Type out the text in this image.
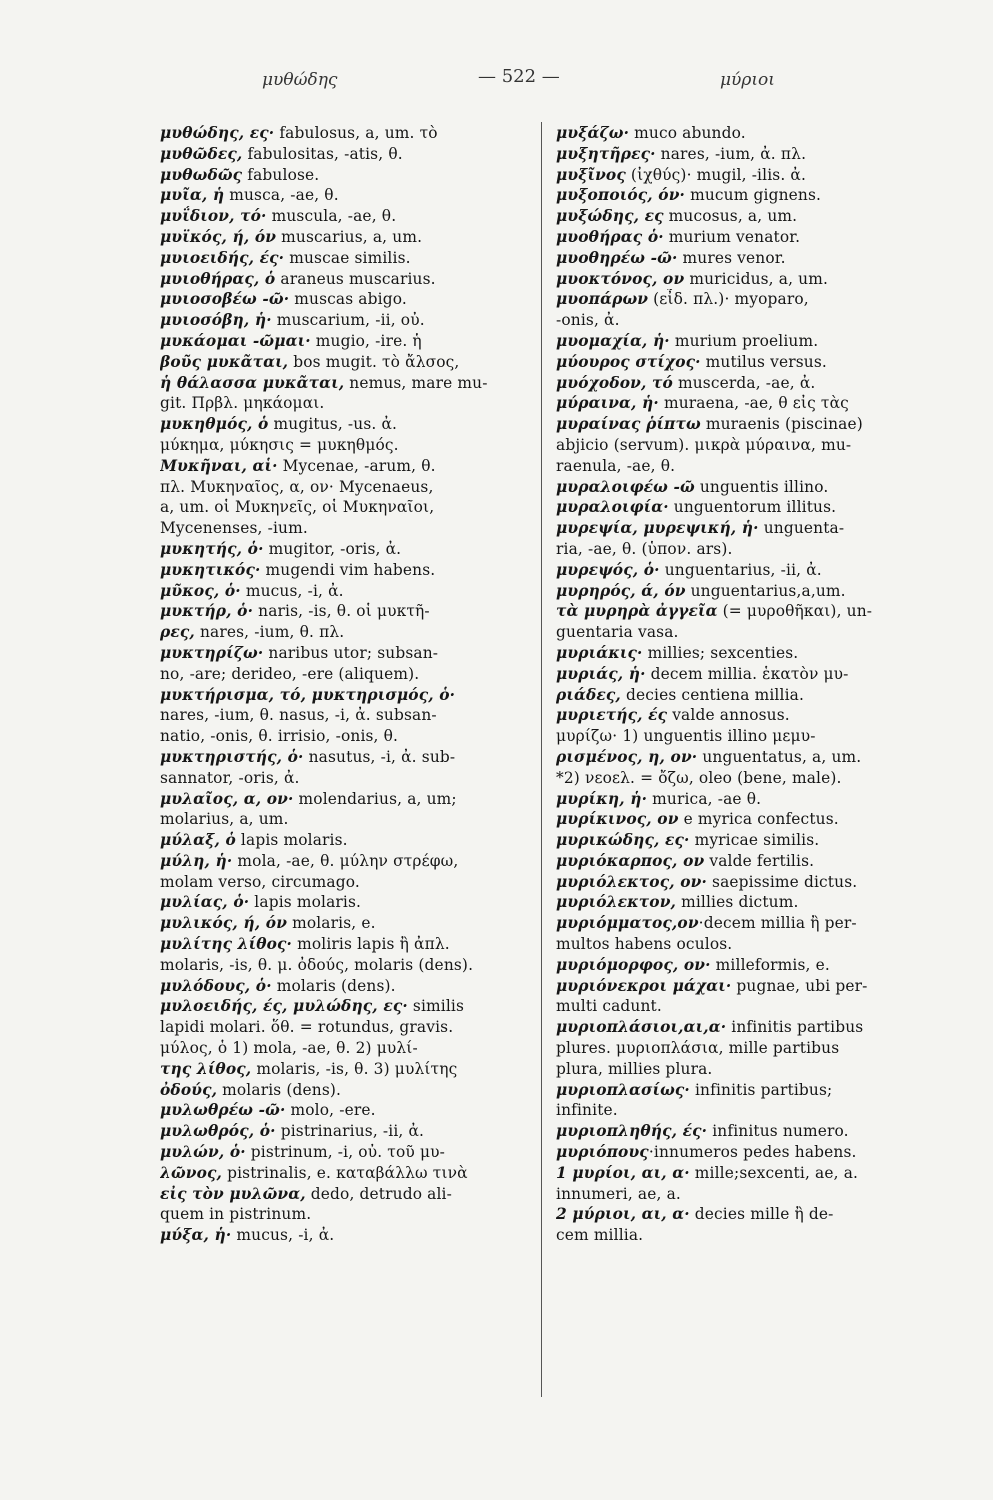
μυθώδης	— 522 —	μύριοι
μυθώδης, ες· fabulosus, a, um. τὸ
μυθῶδες, fabulositas, -atis, θ.
μυθωδῶς fabulose.
μυῖα, ἡ musca, -ae, θ.
μυΐδιον, τό· muscula, -ae, θ.
μυϊκός, ή, όν muscarius, a, um.
μυιοειδής, ές· muscae similis.
μυιοθήρας, ὁ araneus muscarius.
μυιοσοβέω -ῶ· muscas abigo.
μυιοσόβη, ἡ· muscarium, -ii, οὐ.
μυκάομαι -ῶμαι· mugio, -ire. ἡ
βοῦς μυκᾶται, bos mugit. τὸ ἄλσος,
ἡ θάλασσα μυκᾶται, nemus, mare mu-
git. Πρβλ. μηκάομαι.
μυκηθμός, ὁ mugitus, -us. ἀ.
μύκημα, μύκησις = μυκηθμός.
Μυκῆναι, αἱ· Mycenae, -arum, θ.
πλ. Μυκηναῖος, α, ον· Mycenaeus,
a, um. οἱ Μυκηνεῖς, οἱ Μυκηναῖοι,
Mycenenses, -ium.
μυκητής, ὁ· mugitor, -oris, ἀ.
μυκητικός· mugendi vim habens.
μῦκος, ὁ· mucus, -i, ἀ.
μυκτήρ, ὁ· naris, -is, θ. οἱ μυκτῆ-
ρες, nares, -ium, θ. πλ.
μυκτηρίζω· naribus utor; subsan-
no, -are; derideo, -ere (aliquem).
μυκτήρισμα, τό, μυκτηρισμός, ὁ·
nares, -ium, θ. nasus, -i, ἀ. subsan-
natio, -onis, θ. irrisio, -onis, θ.
μυκτηριστής, ὁ· nasutus, -i, ἀ. sub-
sannator, -oris, ἀ.
μυλαῖος, α, ον· molendarius, a, um;
molarius, a, um.
μύλαξ, ὁ lapis molaris.
μύλη, ἡ· mola, -ae, θ. μύλην στρέφω,
molam verso, circumago.
μυλίας, ὁ· lapis molaris.
μυλικός, ή, όν molaris, e.
μυλίτης λίθος· moliris lapis ἢ ἀπλ.
molaris, -is, θ. μ. ὀδούς, molaris (dens).
μυλόδους, ὁ· molaris (dens).
μυλοειδής, ές, μυλώδης, ες· similis
lapidi molari. ὅθ. = rotundus, gravis.
μύλος, ὁ 1) mola, -ae, θ. 2) μυλί-
της λίθος, molaris, -is, θ. 3) μυλίτης
ὀδούς, molaris (dens).
μυλωθρέω -ῶ· molo, -ere.
μυλωθρός, ὁ· pistrinarius, -ii, ἀ.
μυλών, ὁ· pistrinum, -i, οὐ. τοῦ μυ-
λῶνος, pistrinalis, e. καταβάλλω τινὰ
εἰς τὸν μυλῶνα, dedo, detrudo ali-
quem in pistrinum.
μύξα, ἡ· mucus, -i, ἀ.
μυξάζω· muco abundo.
μυξητῆρες· nares, -ium, ἀ. πλ.
μυξῖνος (ἰχθύς)· mugil, -ilis. ἀ.
μυξοποιός, όν· mucum gignens.
μυξώδης, ες mucosus, a, um.
μυοθήρας ὁ· murium venator.
μυοθηρέω -ῶ· mures venor.
μυοκτόνος, ον muricidus, a, um.
μυοπάρων (εἶδ. πλ.)· myoparo,
-onis, ἀ.
μυομαχία, ἡ· murium proelium.
μύουρος στίχος· mutilus versus.
μυόχοδον, τό muscerda, -ae, ἀ.
μύραινα, ἡ· muraena, -ae, θ εἰς τὰς
μυραίνας ῥίπτω muraenis (piscinae)
abjicio (servum). μικρὰ μύραινα, mu-
raenula, -ae, θ.
μυραλοιφέω -ῶ unguentis illino.
μυραλοιφία· unguentorum illitus.
μυρεψία, μυρεψική, ἡ· unguenta-
ria, -ae, θ. (ὑπον. ars).
μυρεψός, ὁ· unguentarius, -ii, ἀ.
μυρηρός, ά, όν unguentarius,a,um.
τὰ μυρηρὰ ἀγγεῖα (= μυροθῆκαι), un-
guentaria vasa.
μυριάκις· millies; sexcenties.
μυριάς, ἡ· decem millia. ἑκατὸν μυ-
ριάδες, decies centiena millia.
μυριετής, ές valde annosus.
μυρίζω· 1) unguentis illino μεμυ-
ρισμένος, η, ον· unguentatus, a, um.
*2) νεοελ. = ὄζω, oleo (bene, male).
μυρίκη, ἡ· murica, -ae θ.
μυρίκινος, ον e myrica confectus.
μυρικώδης, ες· myricae similis.
μυριόκαρπος, ον valde fertilis.
μυριόλεκτος, ον· saepissime dictus.
μυριόλεκτον, millies dictum.
μυριόμματος,ον·decem millia ἢ per-
multos habens oculos.
μυριόμορφος, ον· milleformis, e.
μυριόνεκροι μάχαι· pugnae, ubi per-
multi cadunt.
μυριοπλάσιοι,αι,α· infinitis partibus
plures. μυριοπλάσια, mille partibus
plura, millies plura.
μυριοπλασίως· infinitis partibus;
infinite.
μυριοπληθής, ές· infinitus numero.
μυριόπους·innumeros pedes habens.
1 μυρίοι, αι, α· mille;sexcenti, ae, a.
innumeri, ae, a.
2 μύριοι, αι, α· decies mille ἢ de-
cem millia.
